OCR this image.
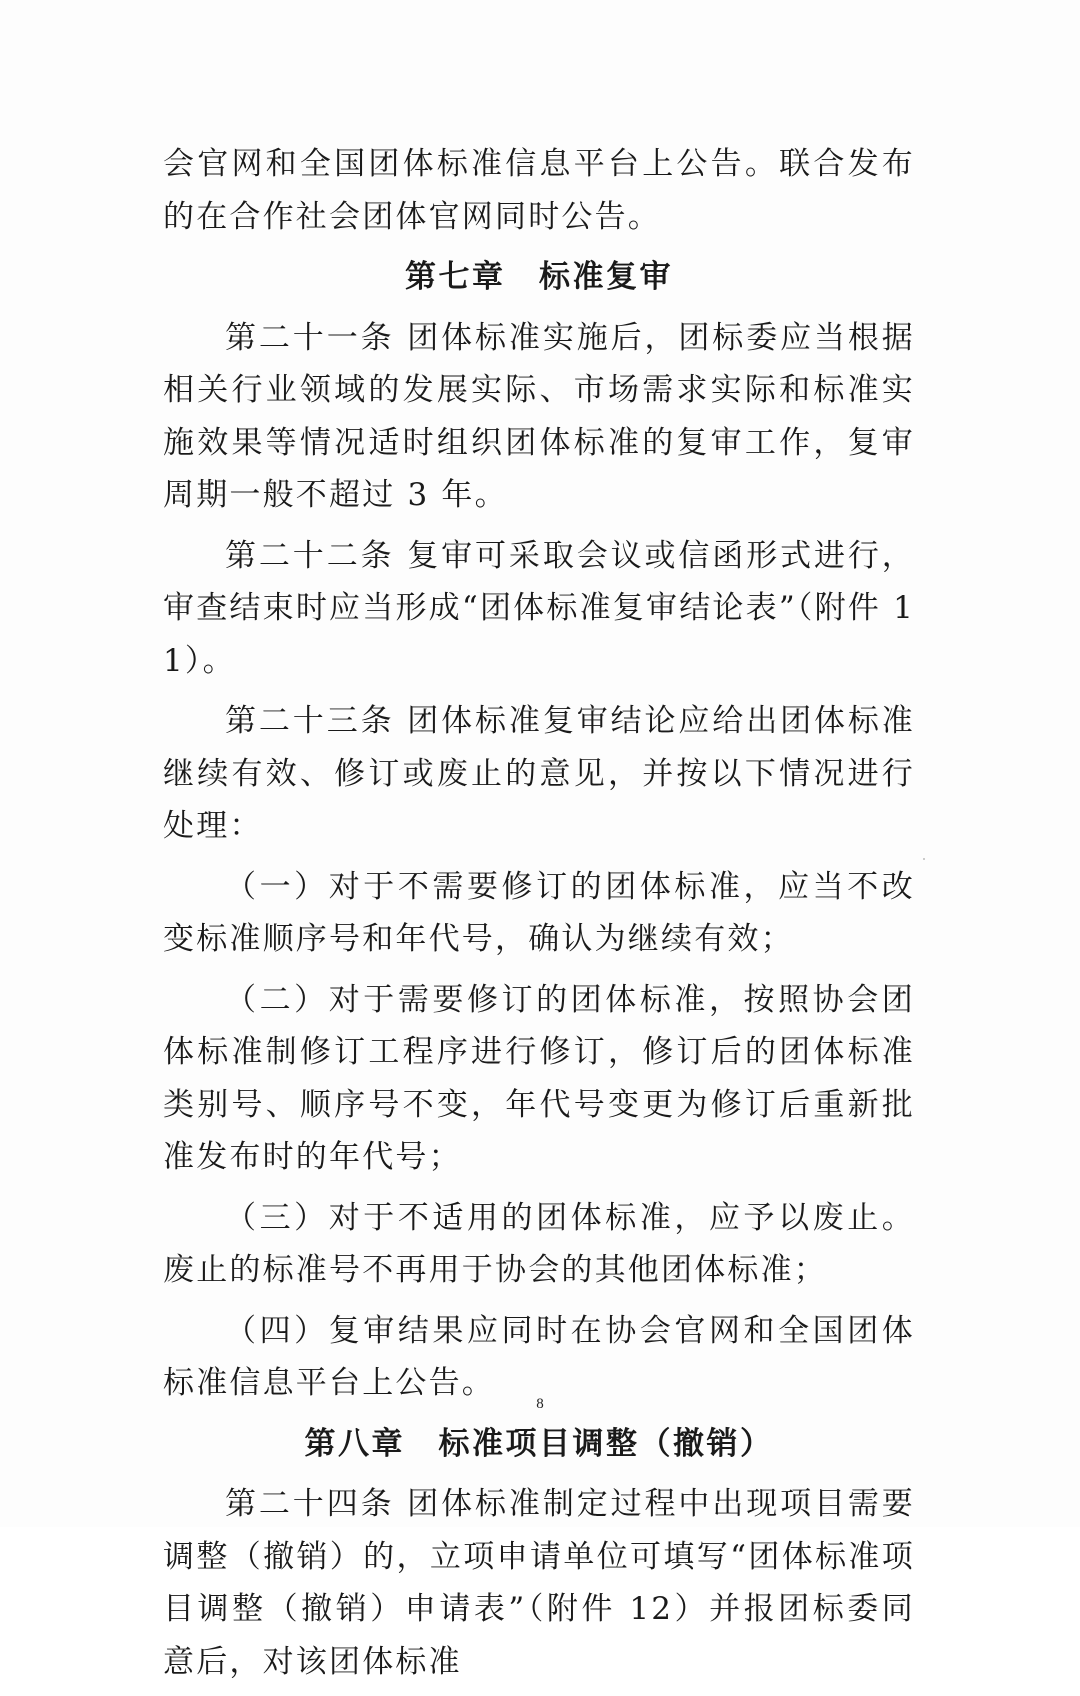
会官网和全国团体标准信息平台上公告。联合发布的在合作社会团体官网同时公告。

第七章　标准复审

第二十一条 团体标准实施后，团标委应当根据相关行业领域的发展实际、市场需求实际和标准实施效果等情况适时组织团体标准的复审工作，复审周期一般不超过 3 年。

第二十二条 复审可采取会议或信函形式进行，审查结束时应当形成“团体标准复审结论表”（附件 11）。

第二十三条 团体标准复审结论应给出团体标准继续有效、修订或废止的意见，并按以下情况进行处理：

（一）对于不需要修订的团体标准，应当不改变标准顺序号和年代号，确认为继续有效；

（二）对于需要修订的团体标准，按照协会团体标准制修订工程序进行修订，修订后的团体标准类别号、顺序号不变，年代号变更为修订后重新批准发布时的年代号；

（三）对于不适用的团体标准，应予以废止。废止的标准号不再用于协会的其他团体标准；

（四）复审结果应同时在协会官网和全国团体标准信息平台上公告。

第八章　标准项目调整（撤销）

第二十四条 团体标准制定过程中出现项目需要调整（撤销）的，立项申请单位可填写“团体标准项目调整（撤销）申请表”（附件 12）并报团标委同意后，对该团体标准

8
